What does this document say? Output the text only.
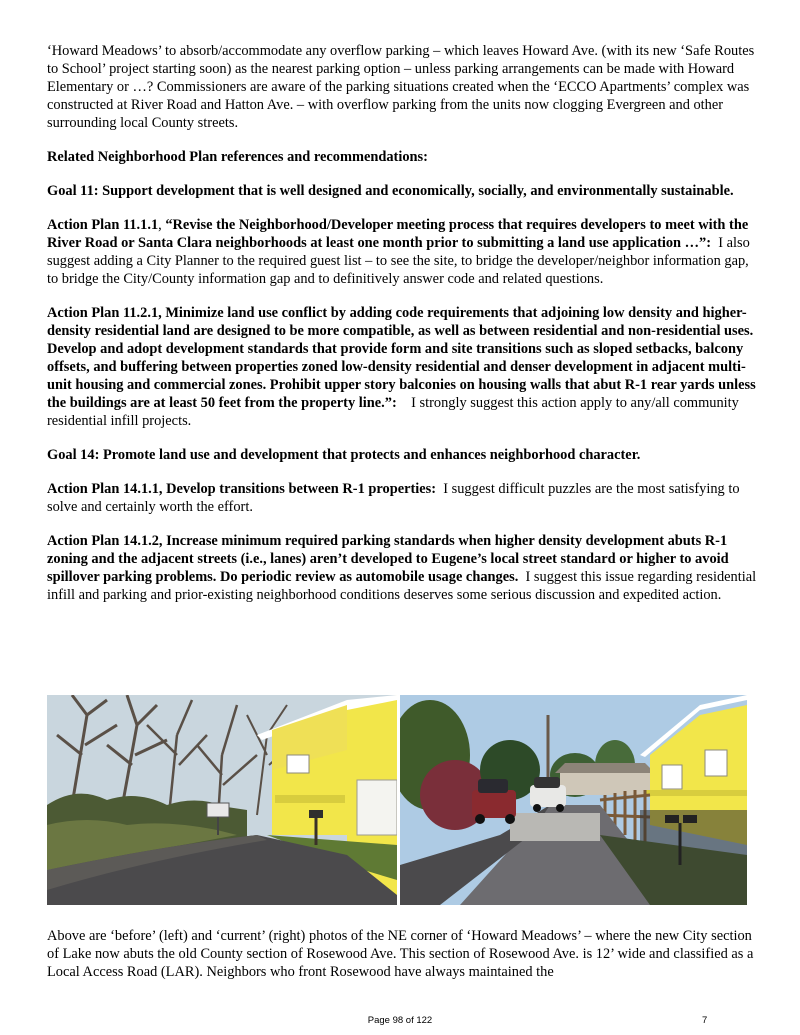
‘Howard Meadows’ to absorb/accommodate any overflow parking – which leaves Howard Ave. (with its new ‘Safe Routes to School’ project starting soon) as the nearest parking option – unless parking arrangements can be made with Howard Elementary or …? Commissioners are aware of the parking situations created when the ‘ECCO Apartments’ complex was constructed at River Road and Hatton Ave. – with overflow parking from the units now clogging Evergreen and other surrounding local County streets.

Related Neighborhood Plan references and recommendations:

Goal 11: Support development that is well designed and economically, socially, and environmentally sustainable.

Action Plan 11.1.1, “Revise the Neighborhood/Developer meeting process that requires developers to meet with the River Road or Santa Clara neighborhoods at least one month prior to submitting a land use application …”: I also suggest adding a City Planner to the required guest list – to see the site, to bridge the developer/neighbor information gap, to bridge the City/County information gap and to definitively answer code and related questions.

Action Plan 11.2.1, Minimize land use conflict by adding code requirements that adjoining low density and higher-density residential land are designed to be more compatible, as well as between residential and non-residential uses. Develop and adopt development standards that provide form and site transitions such as sloped setbacks, balcony offsets, and buffering between properties zoned low-density residential and denser development in adjacent multi-unit housing and commercial zones. Prohibit upper story balconies on housing walls that abut R-1 rear yards unless the buildings are at least 50 feet from the property line.”: I strongly suggest this action apply to any/all community residential infill projects.

Goal 14: Promote land use and development that protects and enhances neighborhood character.

Action Plan 14.1.1, Develop transitions between R-1 properties: I suggest difficult puzzles are the most satisfying to solve and certainly worth the effort.

Action Plan 14.1.2, Increase minimum required parking standards when higher density development abuts R-1 zoning and the adjacent streets (i.e., lanes) aren’t developed to Eugene’s local street standard or higher to avoid spillover parking problems. Do periodic review as automobile usage changes. I suggest this issue regarding residential infill and parking and prior-existing neighborhood conditions deserves some serious discussion and expedited action.

Above are ‘before’ (left) and ‘current’ (right) photos of the NE corner of ‘Howard Meadows’ – where the new City section of Lake now abuts the old County section of Rosewood Ave. This section of Rosewood Ave. is 12’ wide and classified as a Local Access Road (LAR). Neighbors who front Rosewood have always maintained the

Page 98 of 122	7
